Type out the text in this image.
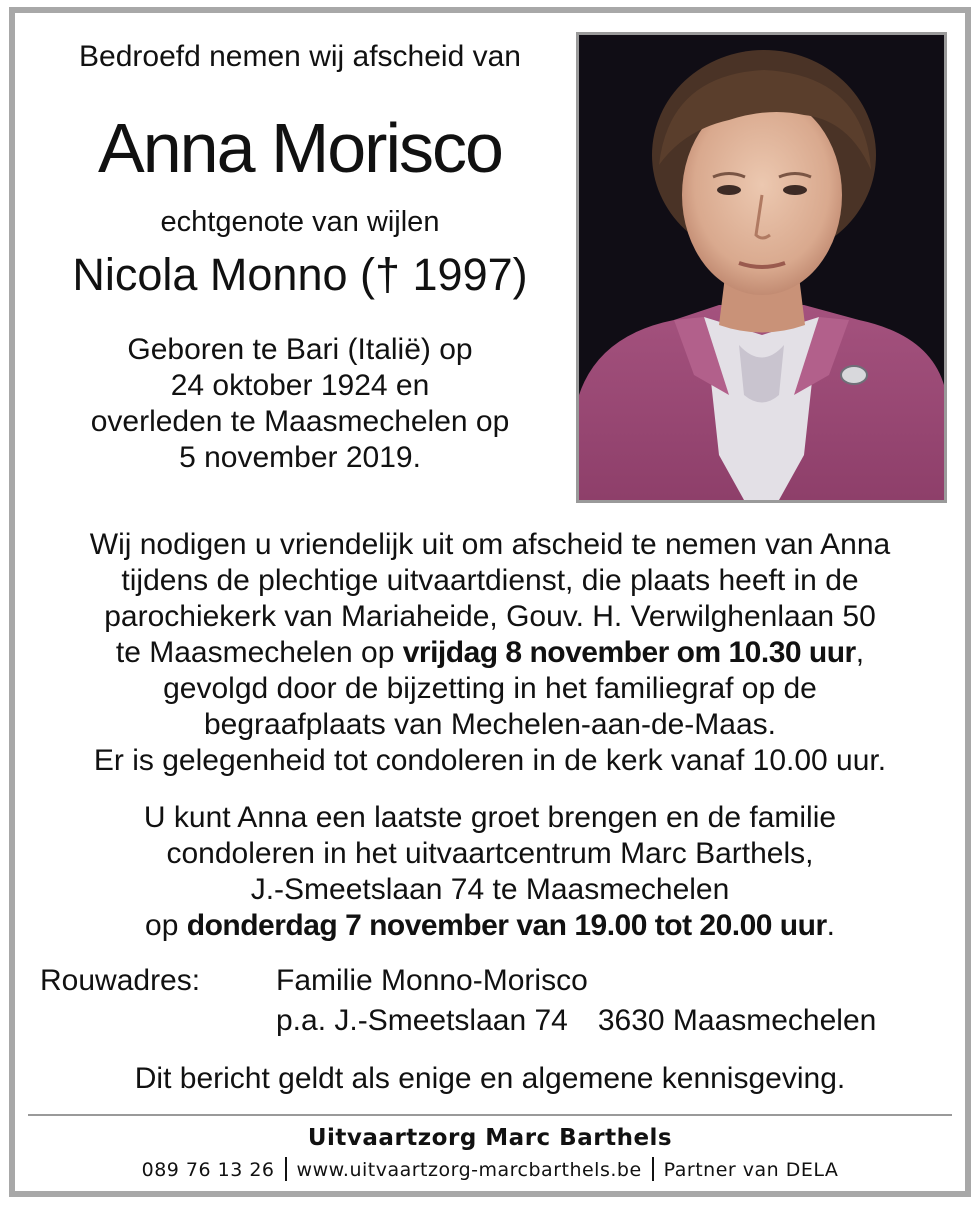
Bedroefd nemen wij afscheid van
Anna Morisco
echtgenote van wijlen
Nicola Monno († 1997)
Geboren te Bari (Italië) op
24 oktober 1924 en
overleden te Maasmechelen op
5 november 2019.
Wij nodigen u vriendelijk uit om afscheid te nemen van Anna
tijdens de plechtige uitvaartdienst, die plaats heeft in de
parochiekerk van Mariaheide, Gouv. H. Verwilghenlaan 50
te Maasmechelen op vrijdag 8 november om 10.30 uur,
gevolgd door de bijzetting in het familiegraf op de
begraafplaats van Mechelen-aan-de-Maas.
Er is gelegenheid tot condoleren in de kerk vanaf 10.00 uur.
U kunt Anna een laatste groet brengen en de familie
condoleren in het uitvaartcentrum Marc Barthels,
J.-Smeetslaan 74 te Maasmechelen
op donderdag 7 november van 19.00 tot 20.00 uur.
Rouwadres:	Familie Monno-Morisco
p.a. J.-Smeetslaan 74 3630 Maasmechelen
Dit bericht geldt als enige en algemene kennisgeving.
Uitvaartzorg Marc Barthels
089 76 13 26 www.uitvaartzorg-marcbarthels.be Partner van DELA
